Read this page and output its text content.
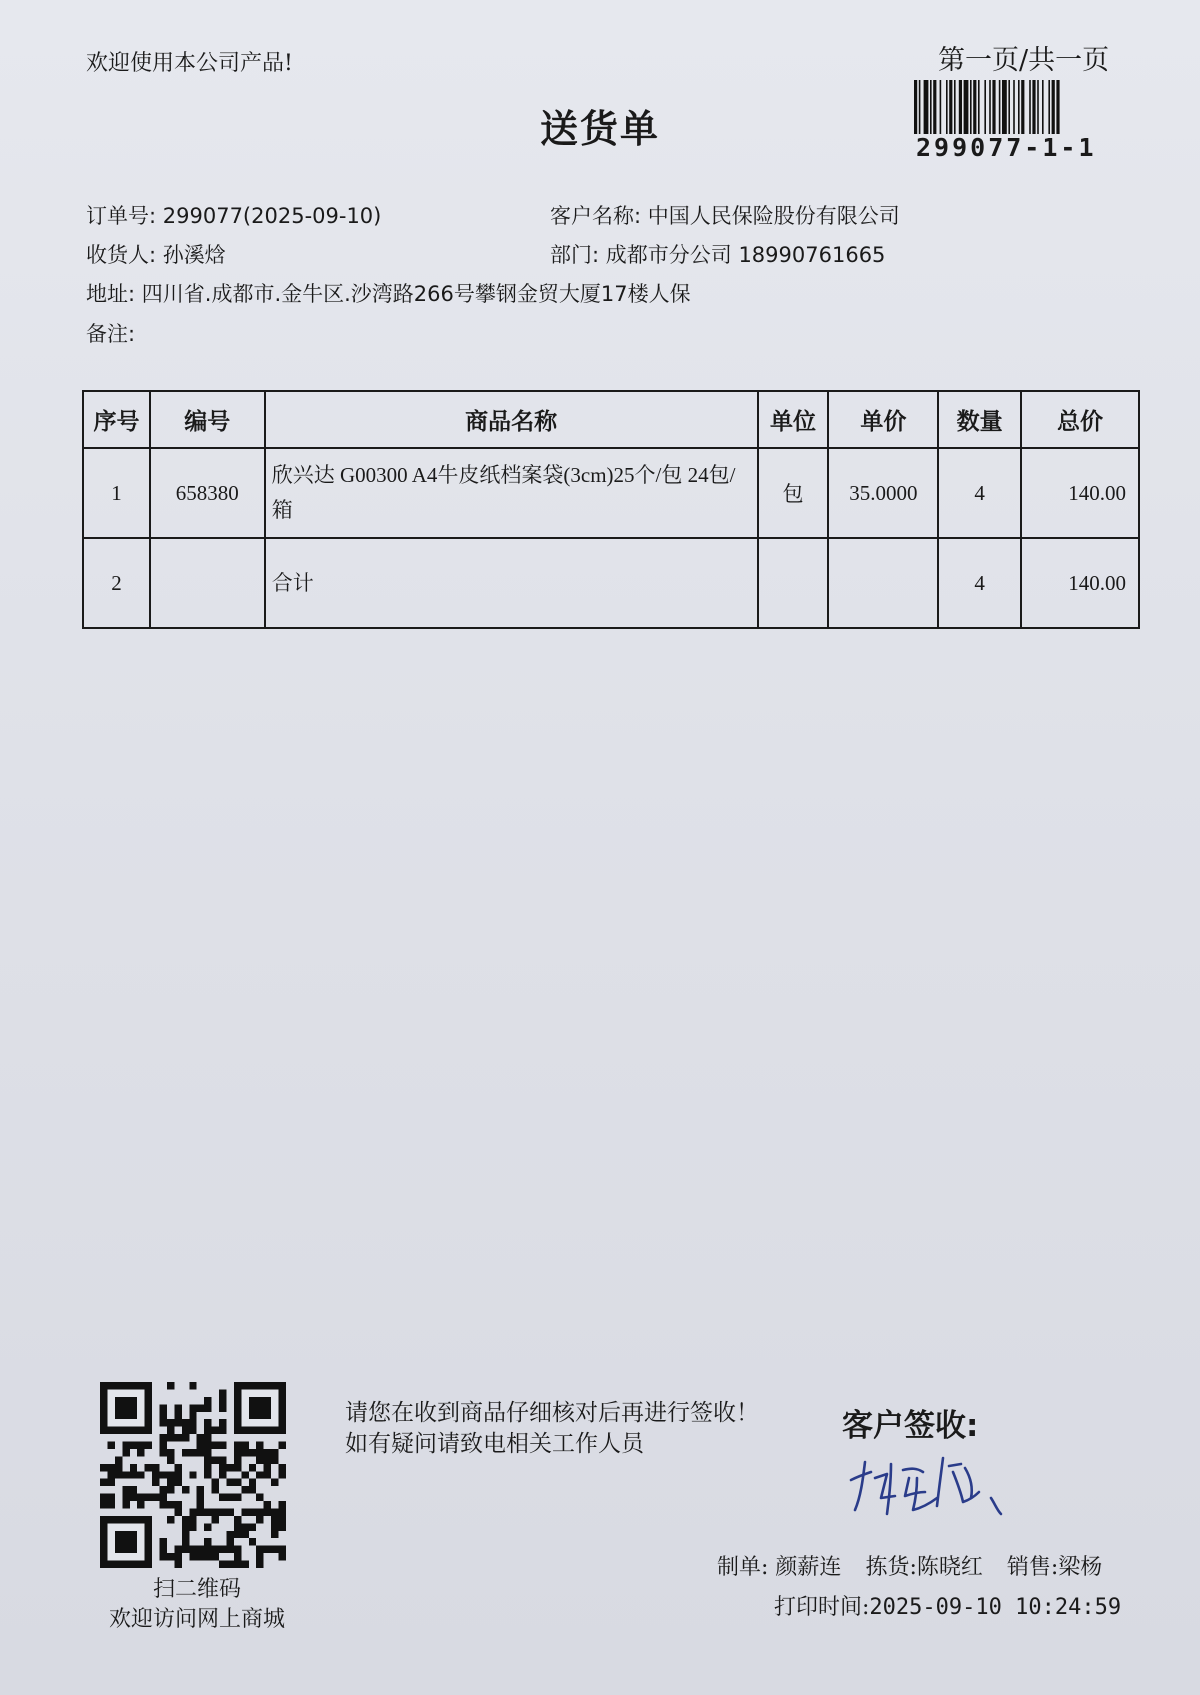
欢迎使用本公司产品!	第一页/共一页
299077-1-1
送货单
订单号: 299077(2025-09-10)	客户名称: 中国人民保险股份有限公司
收货人: 孙溪焓	部门: 成都市分公司 18990761665
地址: 四川省.成都市.金牛区.沙湾路266号攀钢金贸大厦17楼人保
备注:
序号	编号	商品名称	单位	单价	数量	总价
1	658380	欣兴达 G00300 A4牛皮纸档案袋(3cm)25个/包 24包/箱	包	35.0000	4	140.00
2		合计			4	140.00
扫二维码
欢迎访问网上商城
请您在收到商品仔细核对后再进行签收！如有疑问请致电相关工作人员	客户签收:
制单: 颜薪连 拣货:陈晓红 销售:梁杨
打印时间:2025-09-10 10:24:59
